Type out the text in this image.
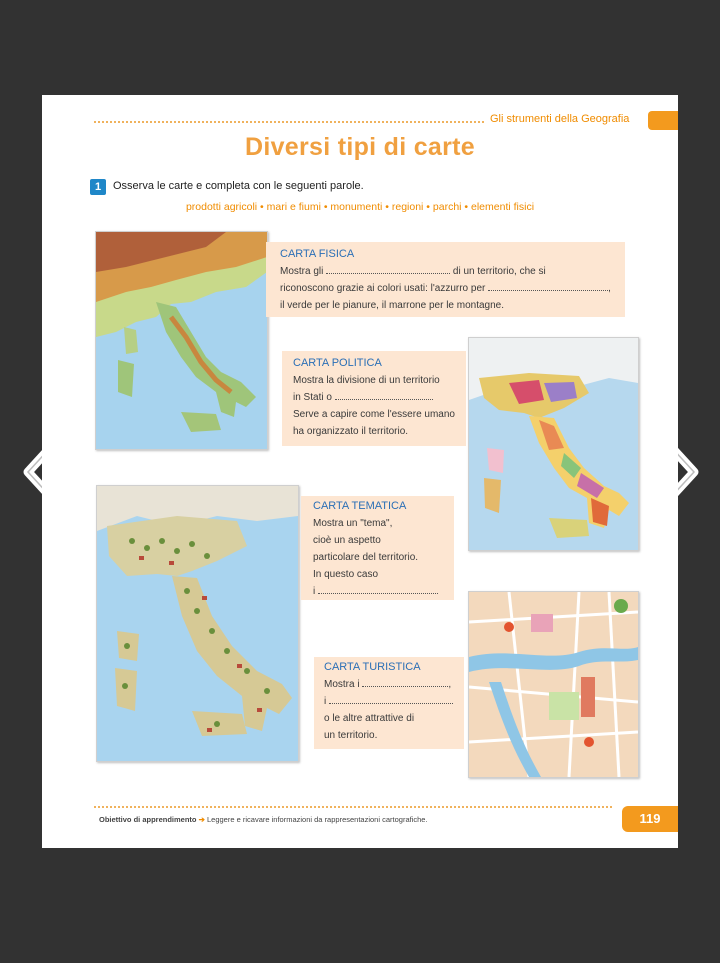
Gli strumenti della Geografia
Diversi tipi di carte
1	Osserva le carte e completa con le seguenti parole.
prodotti agricoli • mari e fiumi • monumenti • regioni • parchi • elementi fisici
CARTA FISICA
Mostra gli	di un territorio, che si
riconoscono grazie ai colori usati: l'azzurro per	,
il verde per le pianure, il marrone per le montagne.
CARTA POLITICA
Mostra la divisione di un territorio
in Stati o
Serve a capire come l'essere umano
ha organizzato il territorio.
CARTA TEMATICA
Mostra un "tema",
cioè un aspetto
particolare del territorio.
In questo caso
i
CARTA TURISTICA
Mostra i	,
i
o le altre attrattive di
un territorio.
Obiettivo di apprendimento ➔ Leggere e ricavare informazioni da rappresentazioni cartografiche.	119
